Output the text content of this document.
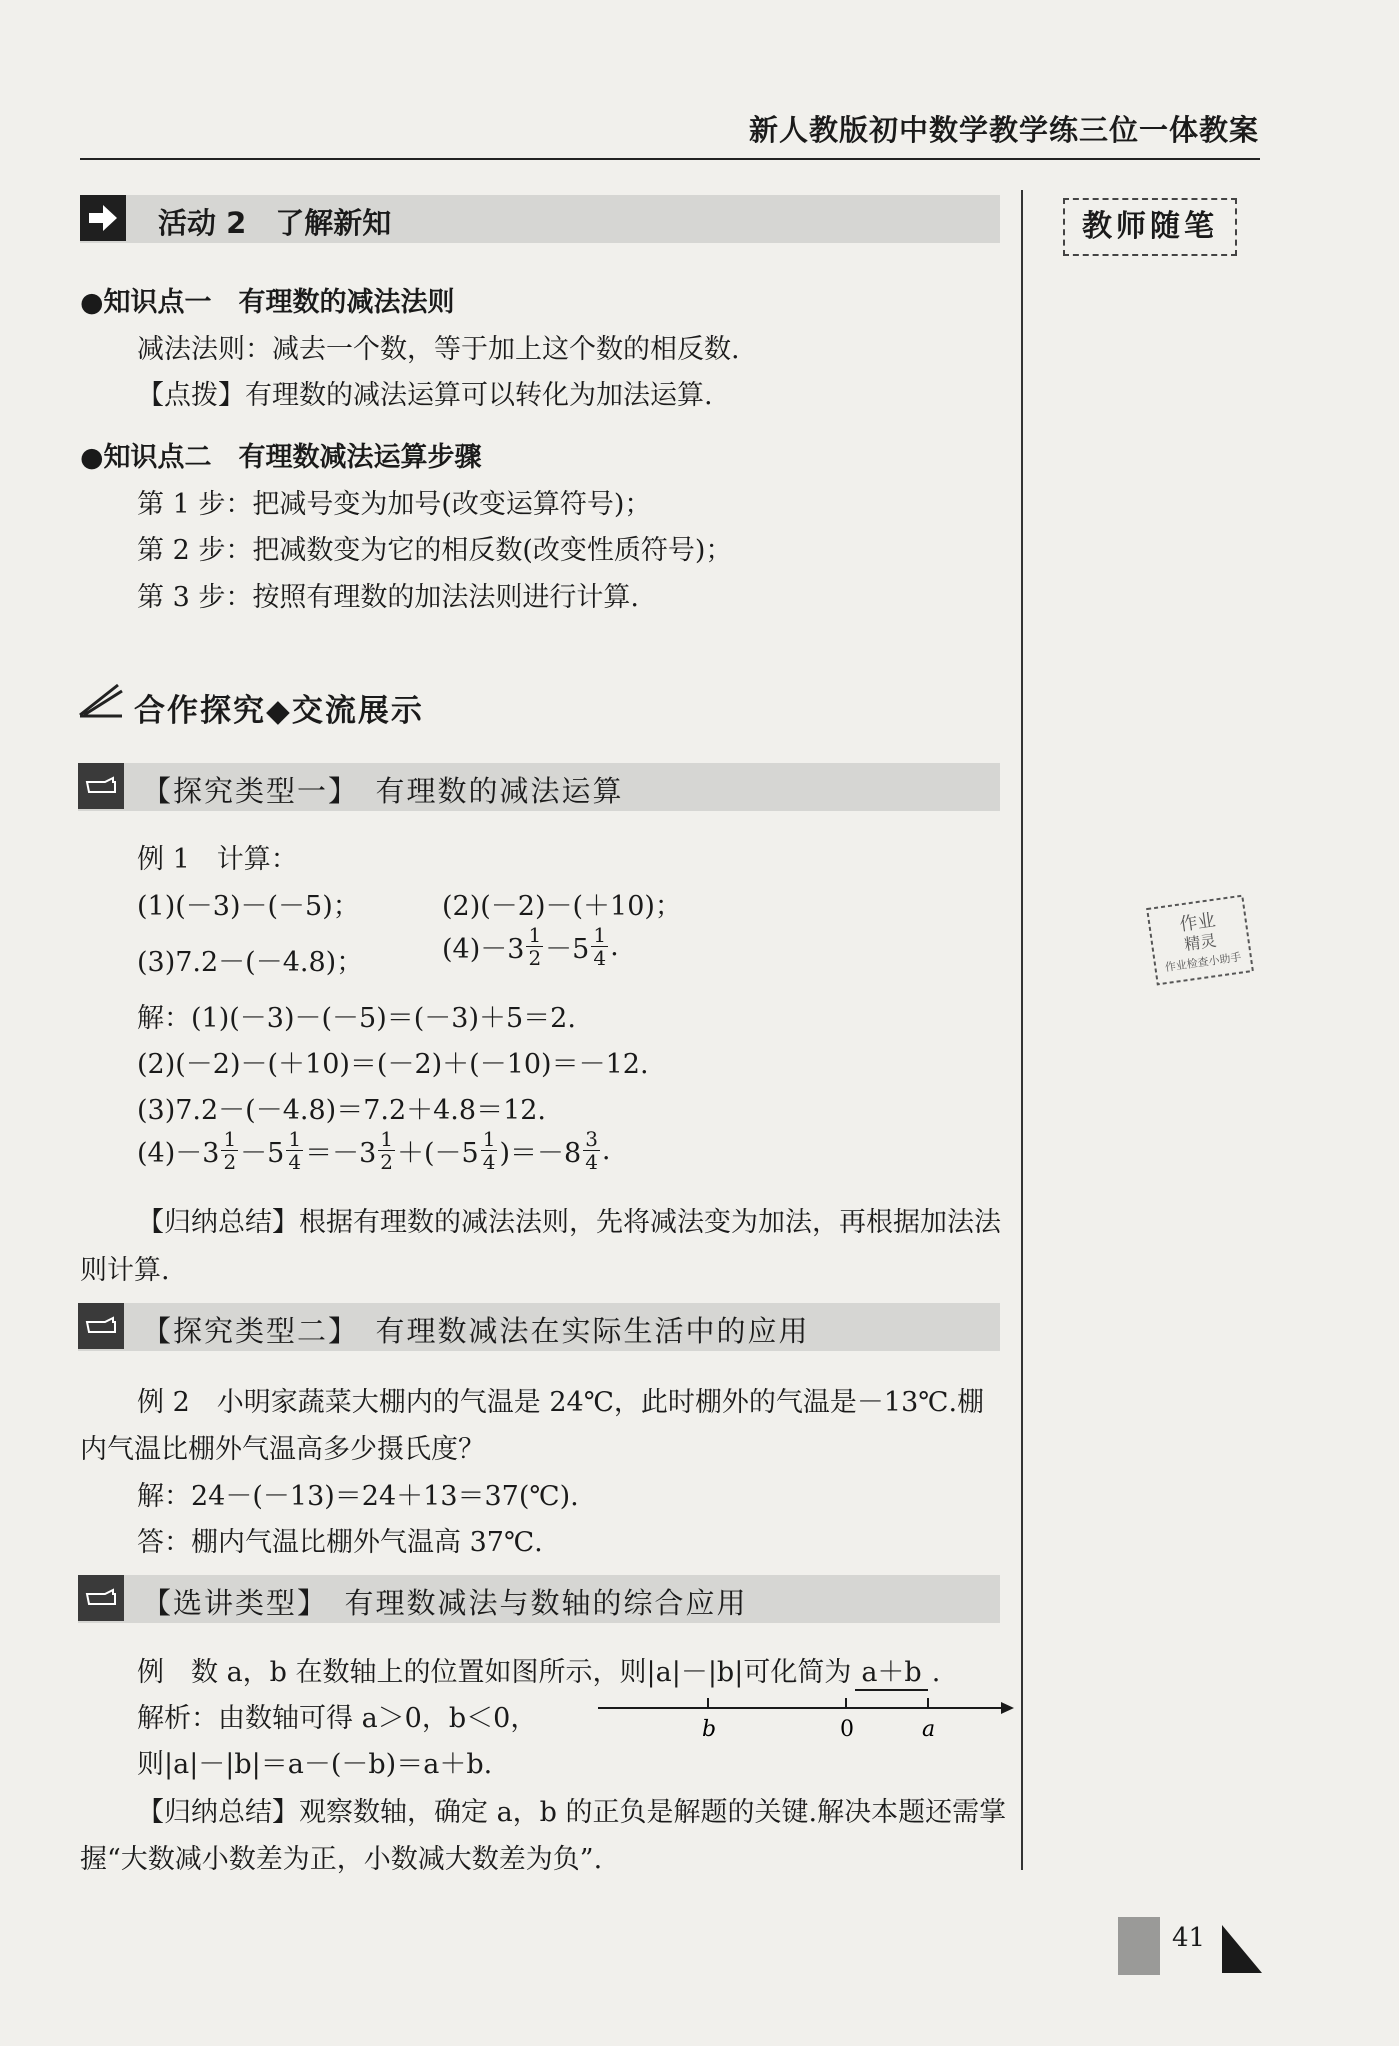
新人教版初中数学教学练三位一体教案
活动 2　了解新知	教师随笔
●知识点一　有理数的减法法则
减法法则：减去一个数，等于加上这个数的相反数.
【点拨】有理数的减法运算可以转化为加法运算.
●知识点二　有理数减法运算步骤
第 1 步：把减号变为加号(改变运算符号)；
第 2 步：把减数变为它的相反数(改变性质符号)；
第 3 步：按照有理数的加法法则进行计算.
合作探究◆交流展示
【探究类型一】　有理数的减法运算
例 1　计算：
(1)(－3)－(－5)；	(2)(－2)－(＋10)；
(3)7.2－(－4.8)；	$(4)-3 \frac{1}{2} -5 \frac{1}{4}$ .
解：(1)(－3)－(－5)＝(－3)＋5＝2.
(2)(－2)－(＋10)＝(－2)＋(－10)＝－12.
(3)7.2－(－4.8)＝7.2＋4.8＝12.
$(4)-3 \frac{1}{2} -5 \frac{1}{4} =-3 \frac{1}{2} +(-5 \frac{1}{4} )=-8 \frac{3}{4}$ .
【归纳总结】根据有理数的减法法则，先将减法变为加法，再根据加法法
则计算.
【探究类型二】　有理数减法在实际生活中的应用
例 2　小明家蔬菜大棚内的气温是 24℃，此时棚外的气温是－13℃.棚
内气温比棚外气温高多少摄氏度？
解：24－(－13)＝24＋13＝37(℃).
答：棚内气温比棚外气温高 37℃.
【选讲类型】　有理数减法与数轴的综合应用
例　数 a，b 在数轴上的位置如图所示，则|a|－|b|可化简为 a＋b .
解析：由数轴可得 a＞0，b＜0，
则|a|－|b|＝a－(－b)＝a＋b.
b	0	a
【归纳总结】观察数轴，确定 a，b 的正负是解题的关键.解决本题还需掌
握“大数减小数差为正，小数减大数差为负”.
作业
精灵
作业检查小助手
41
